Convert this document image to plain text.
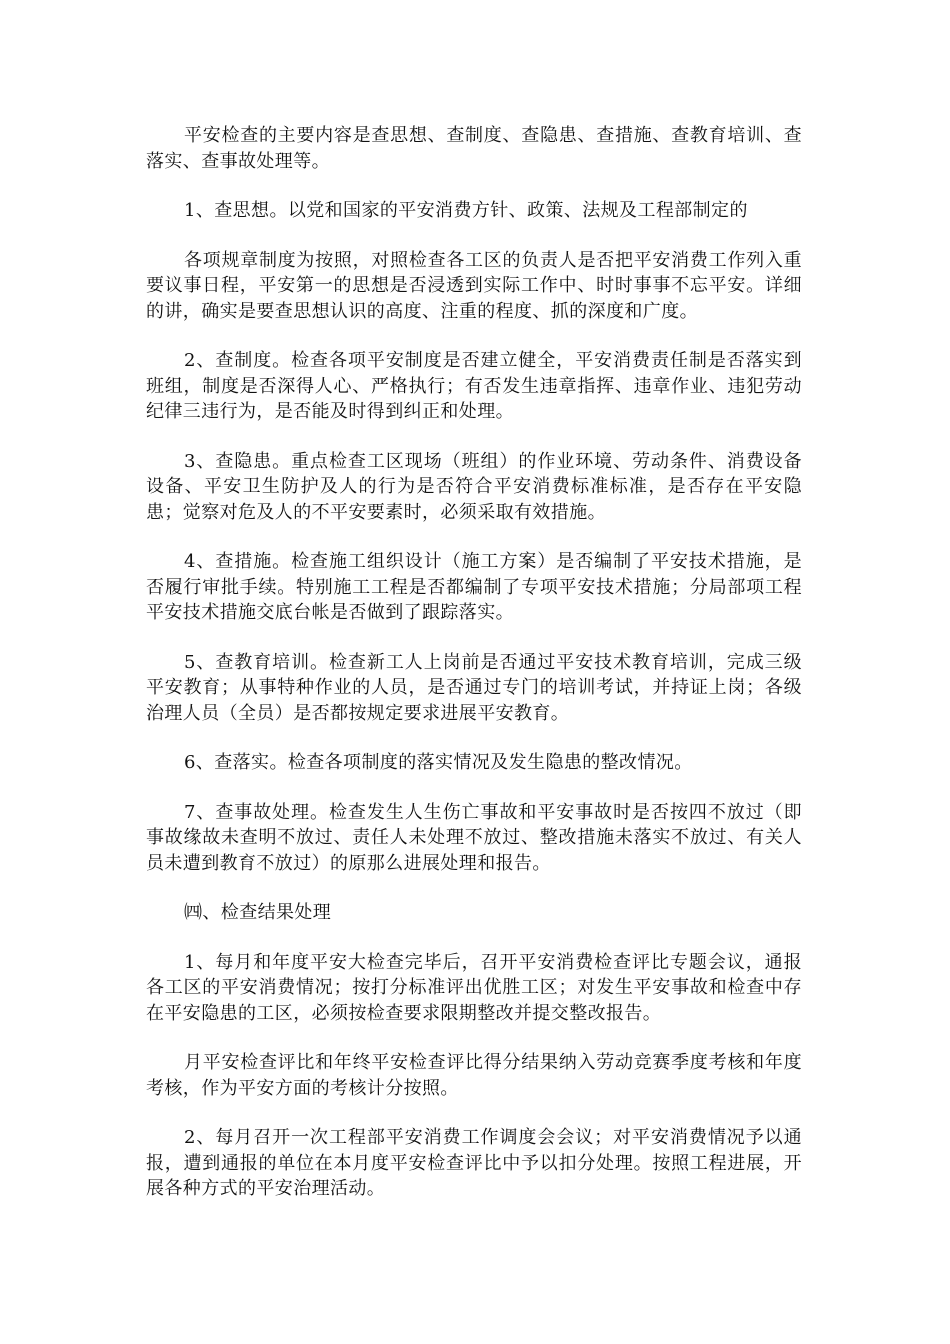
平安检查的主要内容是查思想、查制度、查隐患、查措施、查教育培训、查落实、查事故处理等。

1、查思想。以党和国家的平安消费方针、政策、法规及工程部制定的

各项规章制度为按照，对照检查各工区的负责人是否把平安消费工作列入重要议事日程，平安第一的思想是否浸透到实际工作中、时时事事不忘平安。详细的讲，确实是要查思想认识的高度、注重的程度、抓的深度和广度。

2、查制度。检查各项平安制度是否建立健全，平安消费责任制是否落实到班组，制度是否深得人心、严格执行；有否发生违章指挥、违章作业、违犯劳动纪律三违行为，是否能及时得到纠正和处理。

3、查隐患。重点检查工区现场（班组）的作业环境、劳动条件、消费设备设备、平安卫生防护及人的行为是否符合平安消费标准标准，是否存在平安隐患；觉察对危及人的不平安要素时，必须采取有效措施。

4、查措施。检查施工组织设计（施工方案）是否编制了平安技术措施，是否履行审批手续。特别施工工程是否都编制了专项平安技术措施；分局部项工程平安技术措施交底台帐是否做到了跟踪落实。

5、查教育培训。检查新工人上岗前是否通过平安技术教育培训，完成三级平安教育；从事特种作业的人员，是否通过专门的培训考试，并持证上岗；各级治理人员（全员）是否都按规定要求进展平安教育。

6、查落实。检查各项制度的落实情况及发生隐患的整改情况。

7、查事故处理。检查发生人生伤亡事故和平安事故时是否按四不放过（即事故缘故未查明不放过、责任人未处理不放过、整改措施未落实不放过、有关人员未遭到教育不放过）的原那么进展处理和报告。

㈣、检查结果处理

1、每月和年度平安大检查完毕后，召开平安消费检查评比专题会议，通报各工区的平安消费情况；按打分标准评出优胜工区；对发生平安事故和检查中存在平安隐患的工区，必须按检查要求限期整改并提交整改报告。

月平安检查评比和年终平安检查评比得分结果纳入劳动竞赛季度考核和年度考核，作为平安方面的考核计分按照。

2、每月召开一次工程部平安消费工作调度会会议；对平安消费情况予以通报，遭到通报的单位在本月度平安检查评比中予以扣分处理。按照工程进展，开展各种方式的平安治理活动。
